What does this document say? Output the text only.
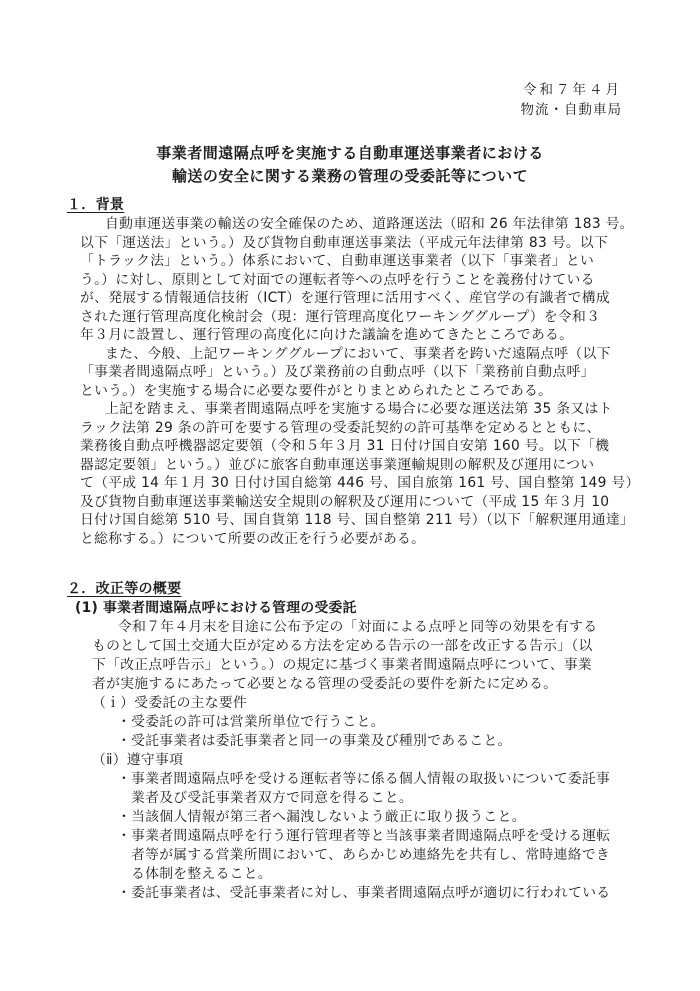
令和７年４月
物流・自動車局
事業者間遠隔点呼を実施する自動車運送事業者における
輸送の安全に関する業務の管理の受委託等について
１．背景
自動車運送事業の輸送の安全確保のため、道路運送法（昭和 26 年法律第 183 号。
以下「運送法」という。）及び貨物自動車運送事業法（平成元年法律第 83 号。以下
「トラック法」という。）体系において、自動車運送事業者（以下「事業者」とい
う。）に対し、原則として対面での運転者等への点呼を行うことを義務付けている
が、発展する情報通信技術（ICT）を運行管理に活用すべく、産官学の有識者で構成
された運行管理高度化検討会（現：運行管理高度化ワーキンググループ）を令和３
年３月に設置し、運行管理の高度化に向けた議論を進めてきたところである。
また、今般、上記ワーキンググループにおいて、事業者を跨いだ遠隔点呼（以下
「事業者間遠隔点呼」という。）及び業務前の自動点呼（以下「業務前自動点呼」
という。）を実施する場合に必要な要件がとりまとめられたところである。
上記を踏まえ、事業者間遠隔点呼を実施する場合に必要な運送法第 35 条又はト
ラック法第 29 条の許可を要する管理の受委託契約の許可基準を定めるとともに、
業務後自動点呼機器認定要領（令和５年３月 31 日付け国自安第 160 号。以下「機
器認定要領」という。）並びに旅客自動車運送事業運輸規則の解釈及び運用につい
て（平成 14 年１月 30 日付け国自総第 446 号、国自旅第 161 号、国自整第 149 号）
及び貨物自動車運送事業輸送安全規則の解釈及び運用について（平成 15 年３月 10
日付け国自総第 510 号、国自貨第 118 号、国自整第 211 号）（以下「解釈運用通達」
と総称する。）について所要の改正を行う必要がある。
２．改正等の概要
(1) 事業者間遠隔点呼における管理の受委託
令和７年４月末を目途に公布予定の「対面による点呼と同等の効果を有する
ものとして国土交通大臣が定める方法を定める告示の一部を改正する告示」（以
下「改正点呼告示」という。）の規定に基づく事業者間遠隔点呼について、事業
者が実施するにあたって必要となる管理の受委託の要件を新たに定める。
（ｉ）受委託の主な要件
・受委託の許可は営業所単位で行うこと。
・受託事業者は委託事業者と同一の事業及び種別であること。
（ⅱ）遵守事項
・事業者間遠隔点呼を受ける運転者等に係る個人情報の取扱いについて委託事
業者及び受託事業者双方で同意を得ること。
・当該個人情報が第三者へ漏洩しないよう厳正に取り扱うこと。
・事業者間遠隔点呼を行う運行管理者等と当該事業者間遠隔点呼を受ける運転
者等が属する営業所間において、あらかじめ連絡先を共有し、常時連絡でき
る体制を整えること。
・委託事業者は、受託事業者に対し、事業者間遠隔点呼が適切に行われている
